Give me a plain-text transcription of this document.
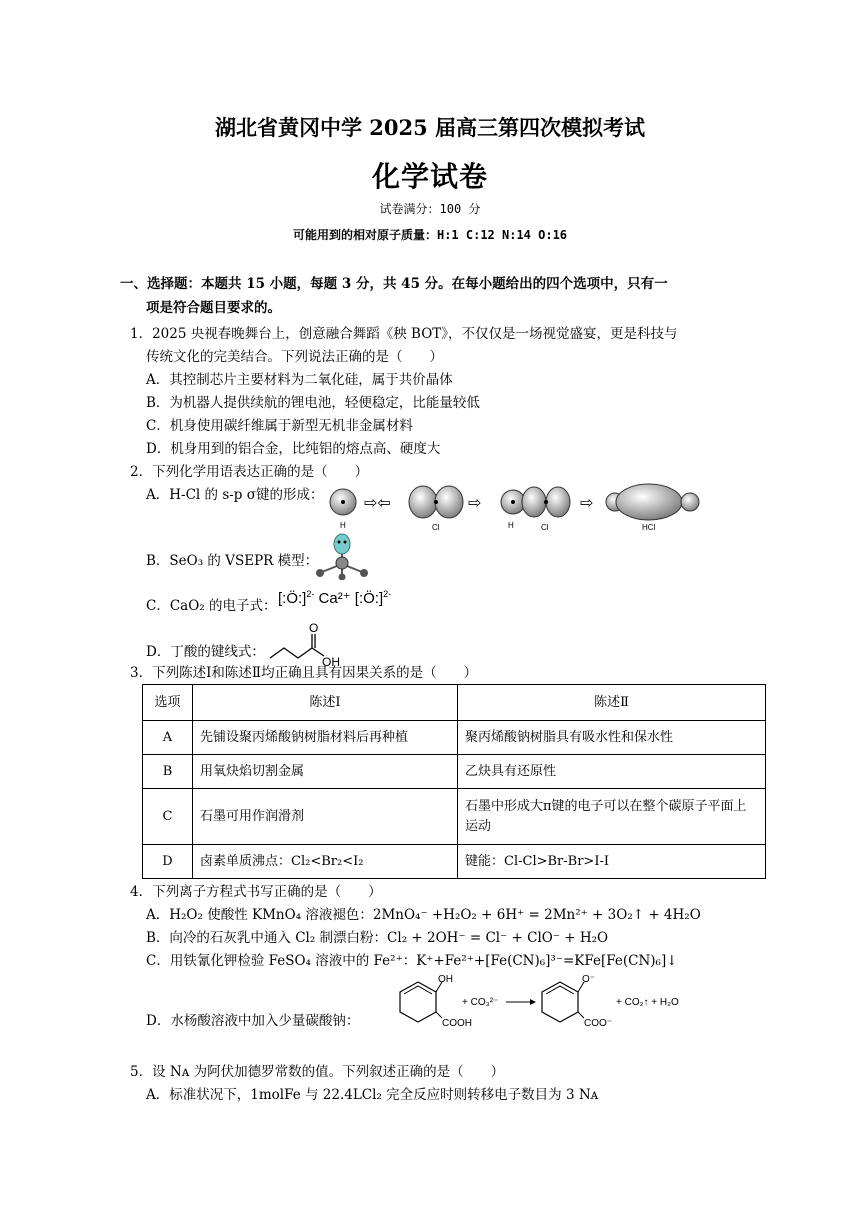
湖北省黄冈中学 2025 届高三第四次模拟考试
化学试卷
试卷满分：100 分
可能用到的相对原子质量：H:1 C:12 N:14 O:16
一、选择题：本题共 15 小题，每题 3 分，共 45 分。在每小题给出的四个选项中，只有一
项是符合题目要求的。
1．2025 央视春晚舞台上，创意融合舞蹈《秧 BOT》，不仅仅是一场视觉盛宴，更是科技与
传统文化的完美结合。下列说法正确的是（　　）
A．其控制芯片主要材料为二氧化硅，属于共价晶体
B．为机器人提供续航的锂电池，轻便稳定，比能量较低
C．机身使用碳纤维属于新型无机非金属材料
D．机身用到的铝合金，比纯铝的熔点高、硬度大
2．下列化学用语表达正确的是（　　）
A．H-Cl 的 s-p σ键的形成：
H
⇨⇦
Cl
⇨
H	Cl
⇨
HCl
B．SeO₃ 的 VSEPR 模型：
C．CaO₂ 的电子式： [:Ö:]$^{2-}$ Ca²⁺ [:Ö:]$^{2-}$
D．丁酸的键线式：
O
OH
3．下列陈述Ⅰ和陈述Ⅱ均正确且具有因果关系的是（　　）
选项	陈述Ⅰ	陈述Ⅱ
A	先铺设聚丙烯酸钠树脂材料后再种植	聚丙烯酸钠树脂具有吸水性和保水性
B	用氧炔焰切割金属	乙炔具有还原性
C	石墨可用作润滑剂	石墨中形成大π键的电子可以在整个碳原子平面上运动
D	卤素单质沸点：Cl₂<Br₂<I₂	键能：Cl-Cl>Br-Br>I-I
4．下列离子方程式书写正确的是（　　）
A．H₂O₂ 使酸性 KMnO₄ 溶液褪色：2MnO₄⁻ +H₂O₂ + 6H⁺ = 2Mn²⁺ + 3O₂↑ + 4H₂O
B．向冷的石灰乳中通入 Cl₂ 制漂白粉：Cl₂ + 2OH⁻ = Cl⁻ + ClO⁻ + H₂O
C．用铁氰化钾检验 FeSO₄ 溶液中的 Fe²⁺：K⁺+Fe²⁺+[Fe(CN)₆]³⁻=KFe[Fe(CN)₆]↓
D．水杨酸溶液中加入少量碳酸钠：
OH
COOH
+ CO₃²⁻
O⁻
COO⁻
+ CO₂↑ + H₂O
5．设 Nᴀ 为阿伏加德罗常数的值。下列叙述正确的是（　　）
A．标准状况下，1molFe 与 22.4LCl₂ 完全反应时则转移电子数目为 3 Nᴀ
